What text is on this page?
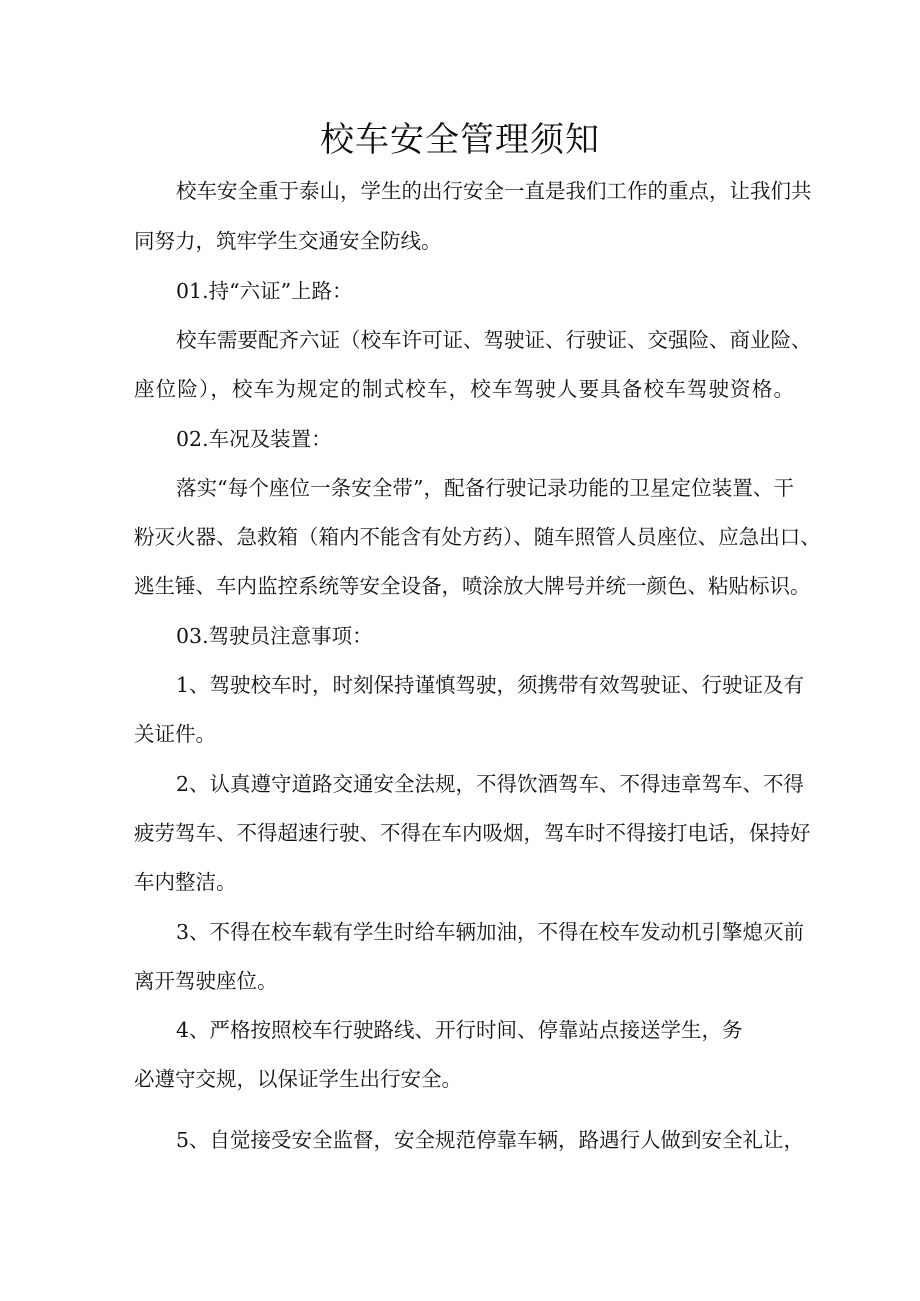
校车安全管理须知

校车安全重于泰山，学生的出行安全一直是我们工作的重点，让我们共

同努力，筑牢学生交通安全防线。

01.持“六证”上路：

校车需要配齐六证（校车许可证、驾驶证、行驶证、交强险、商业险、

座位险），校车为规定的制式校车，校车驾驶人要具备校车驾驶资格。

02.车况及装置：

落实“每个座位一条安全带”，配备行驶记录功能的卫星定位装置、干

粉灭火器、急救箱（箱内不能含有处方药）、随车照管人员座位、应急出口、

逃生锤、车内监控系统等安全设备，喷涂放大牌号并统一颜色、粘贴标识。

03.驾驶员注意事项：

1、驾驶校车时，时刻保持谨慎驾驶，须携带有效驾驶证、行驶证及有

关证件。

2、认真遵守道路交通安全法规，不得饮酒驾车、不得违章驾车、不得

疲劳驾车、不得超速行驶、不得在车内吸烟，驾车时不得接打电话，保持好

车内整洁。

3、不得在校车载有学生时给车辆加油，不得在校车发动机引擎熄灭前

离开驾驶座位。

4、严格按照校车行驶路线、开行时间、停靠站点接送学生，务

必遵守交规，以保证学生出行安全。

5、自觉接受安全监督，安全规范停靠车辆，路遇行人做到安全礼让，
